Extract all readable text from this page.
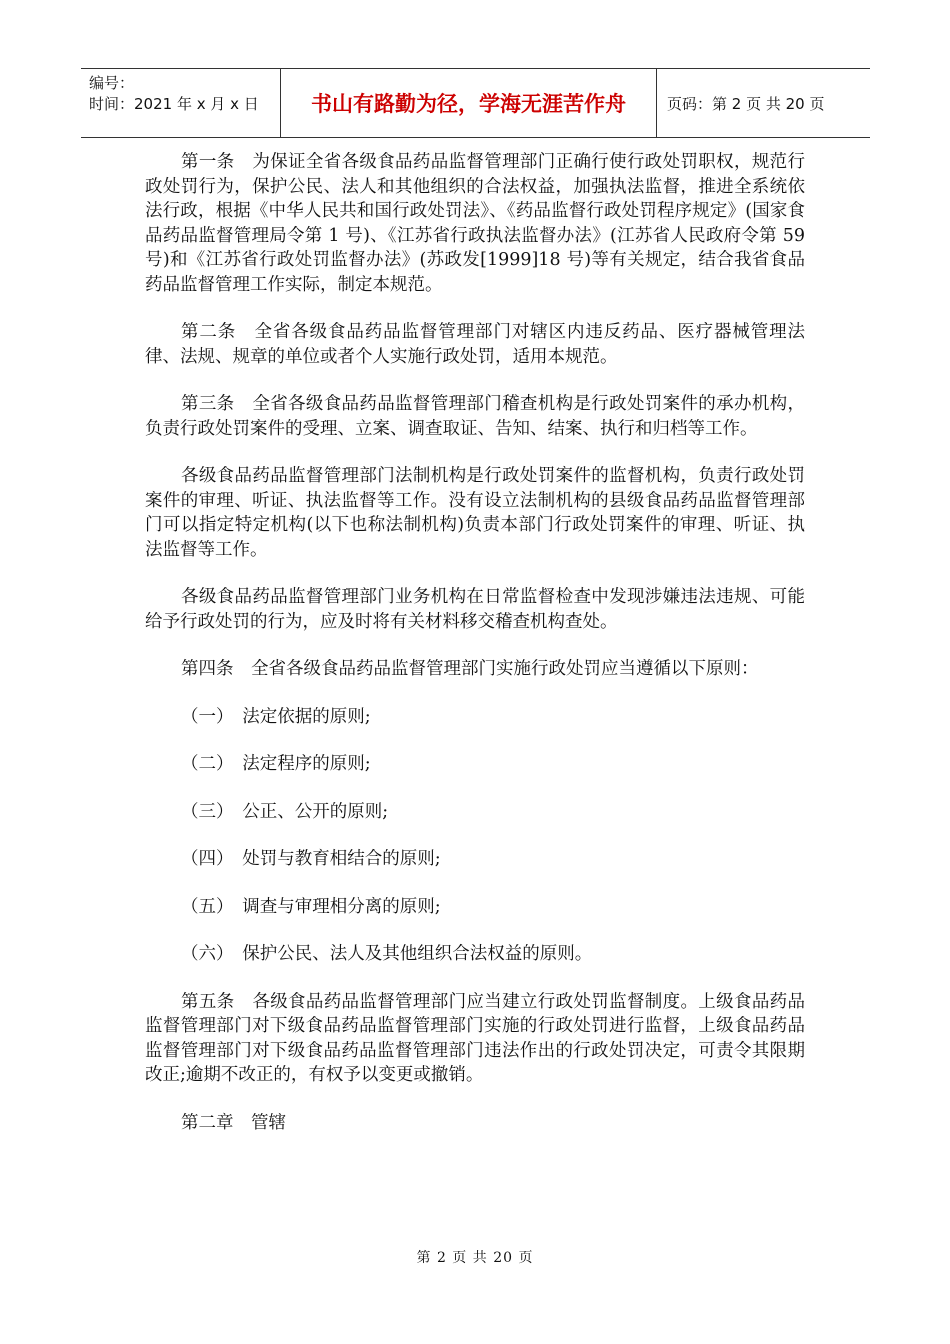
编号：
时间：2021 年 x 月 x 日	书山有路勤为径，学海无涯苦作舟	页码：第 2 页 共 20 页

第一条　为保证全省各级食品药品监督管理部门正确行使行政处罚职权，规范行政处罚行为，保护公民、法人和其他组织的合法权益，加强执法监督，推进全系统依法行政，根据《中华人民共和国行政处罚法》、《药品监督行政处罚程序规定》(国家食品药品监督管理局令第 1 号)、《江苏省行政执法监督办法》(江苏省人民政府令第 59 号)和《江苏省行政处罚监督办法》(苏政发[1999]18 号)等有关规定，结合我省食品药品监督管理工作实际，制定本规范。

第二条　全省各级食品药品监督管理部门对辖区内违反药品、医疗器械管理法律、法规、规章的单位或者个人实施行政处罚，适用本规范。

第三条　全省各级食品药品监督管理部门稽查机构是行政处罚案件的承办机构，负责行政处罚案件的受理、立案、调查取证、告知、结案、执行和归档等工作。

各级食品药品监督管理部门法制机构是行政处罚案件的监督机构，负责行政处罚案件的审理、听证、执法监督等工作。没有设立法制机构的县级食品药品监督管理部门可以指定特定机构(以下也称法制机构)负责本部门行政处罚案件的审理、听证、执法监督等工作。

各级食品药品监督管理部门业务机构在日常监督检查中发现涉嫌违法违规、可能给予行政处罚的行为，应及时将有关材料移交稽查机构查处。

第四条　全省各级食品药品监督管理部门实施行政处罚应当遵循以下原则：

（一）　法定依据的原则;

（二）　法定程序的原则;

（三）　公正、公开的原则;

（四）　处罚与教育相结合的原则;

（五）　调查与审理相分离的原则;

（六）　保护公民、法人及其他组织合法权益的原则。

第五条　各级食品药品监督管理部门应当建立行政处罚监督制度。上级食品药品监督管理部门对下级食品药品监督管理部门实施的行政处罚进行监督，上级食品药品监督管理部门对下级食品药品监督管理部门违法作出的行政处罚决定，可责令其限期改正;逾期不改正的，有权予以变更或撤销。

第二章　管辖

第 2 页 共 20 页
